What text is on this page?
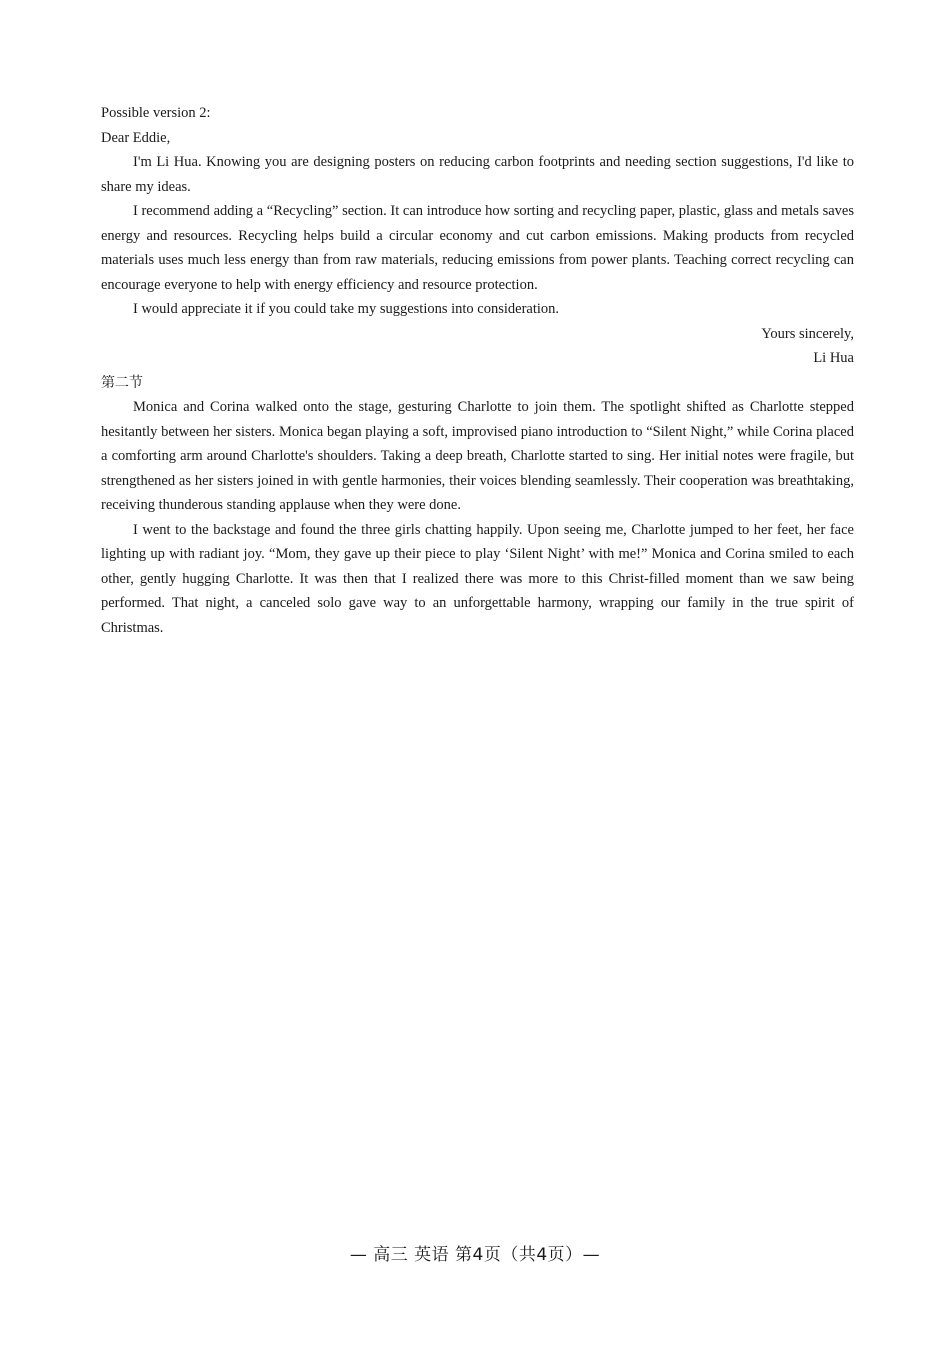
Possible version 2:

Dear Eddie,

I'm Li Hua. Knowing you are designing posters on reducing carbon footprints and needing section suggestions, I'd like to share my ideas.

I recommend adding a “Recycling” section. It can introduce how sorting and recycling paper, plastic, glass and metals saves energy and resources. Recycling helps build a circular economy and cut carbon emissions. Making products from recycled materials uses much less energy than from raw materials, reducing emissions from power plants. Teaching correct recycling can encourage everyone to help with energy efficiency and resource protection.

I would appreciate it if you could take my suggestions into consideration.

Yours sincerely,

Li Hua

第二节

Monica and Corina walked onto the stage, gesturing Charlotte to join them. The spotlight shifted as Charlotte stepped hesitantly between her sisters. Monica began playing a soft, improvised piano introduction to “Silent Night,” while Corina placed a comforting arm around Charlotte's shoulders. Taking a deep breath, Charlotte started to sing. Her initial notes were fragile, but strengthened as her sisters joined in with gentle harmonies, their voices blending seamlessly. Their cooperation was breathtaking, receiving thunderous standing applause when they were done.

I went to the backstage and found the three girls chatting happily. Upon seeing me, Charlotte jumped to her feet, her face lighting up with radiant joy. “Mom, they gave up their piece to play ‘Silent Night’ with me!” Monica and Corina smiled to each other, gently hugging Charlotte. It was then that I realized there was more to this Christ-filled moment than we saw being performed. That night, a canceled solo gave way to an unforgettable harmony, wrapping our family in the true spirit of Christmas.

— 高三 英语 第4页（共4页）—
